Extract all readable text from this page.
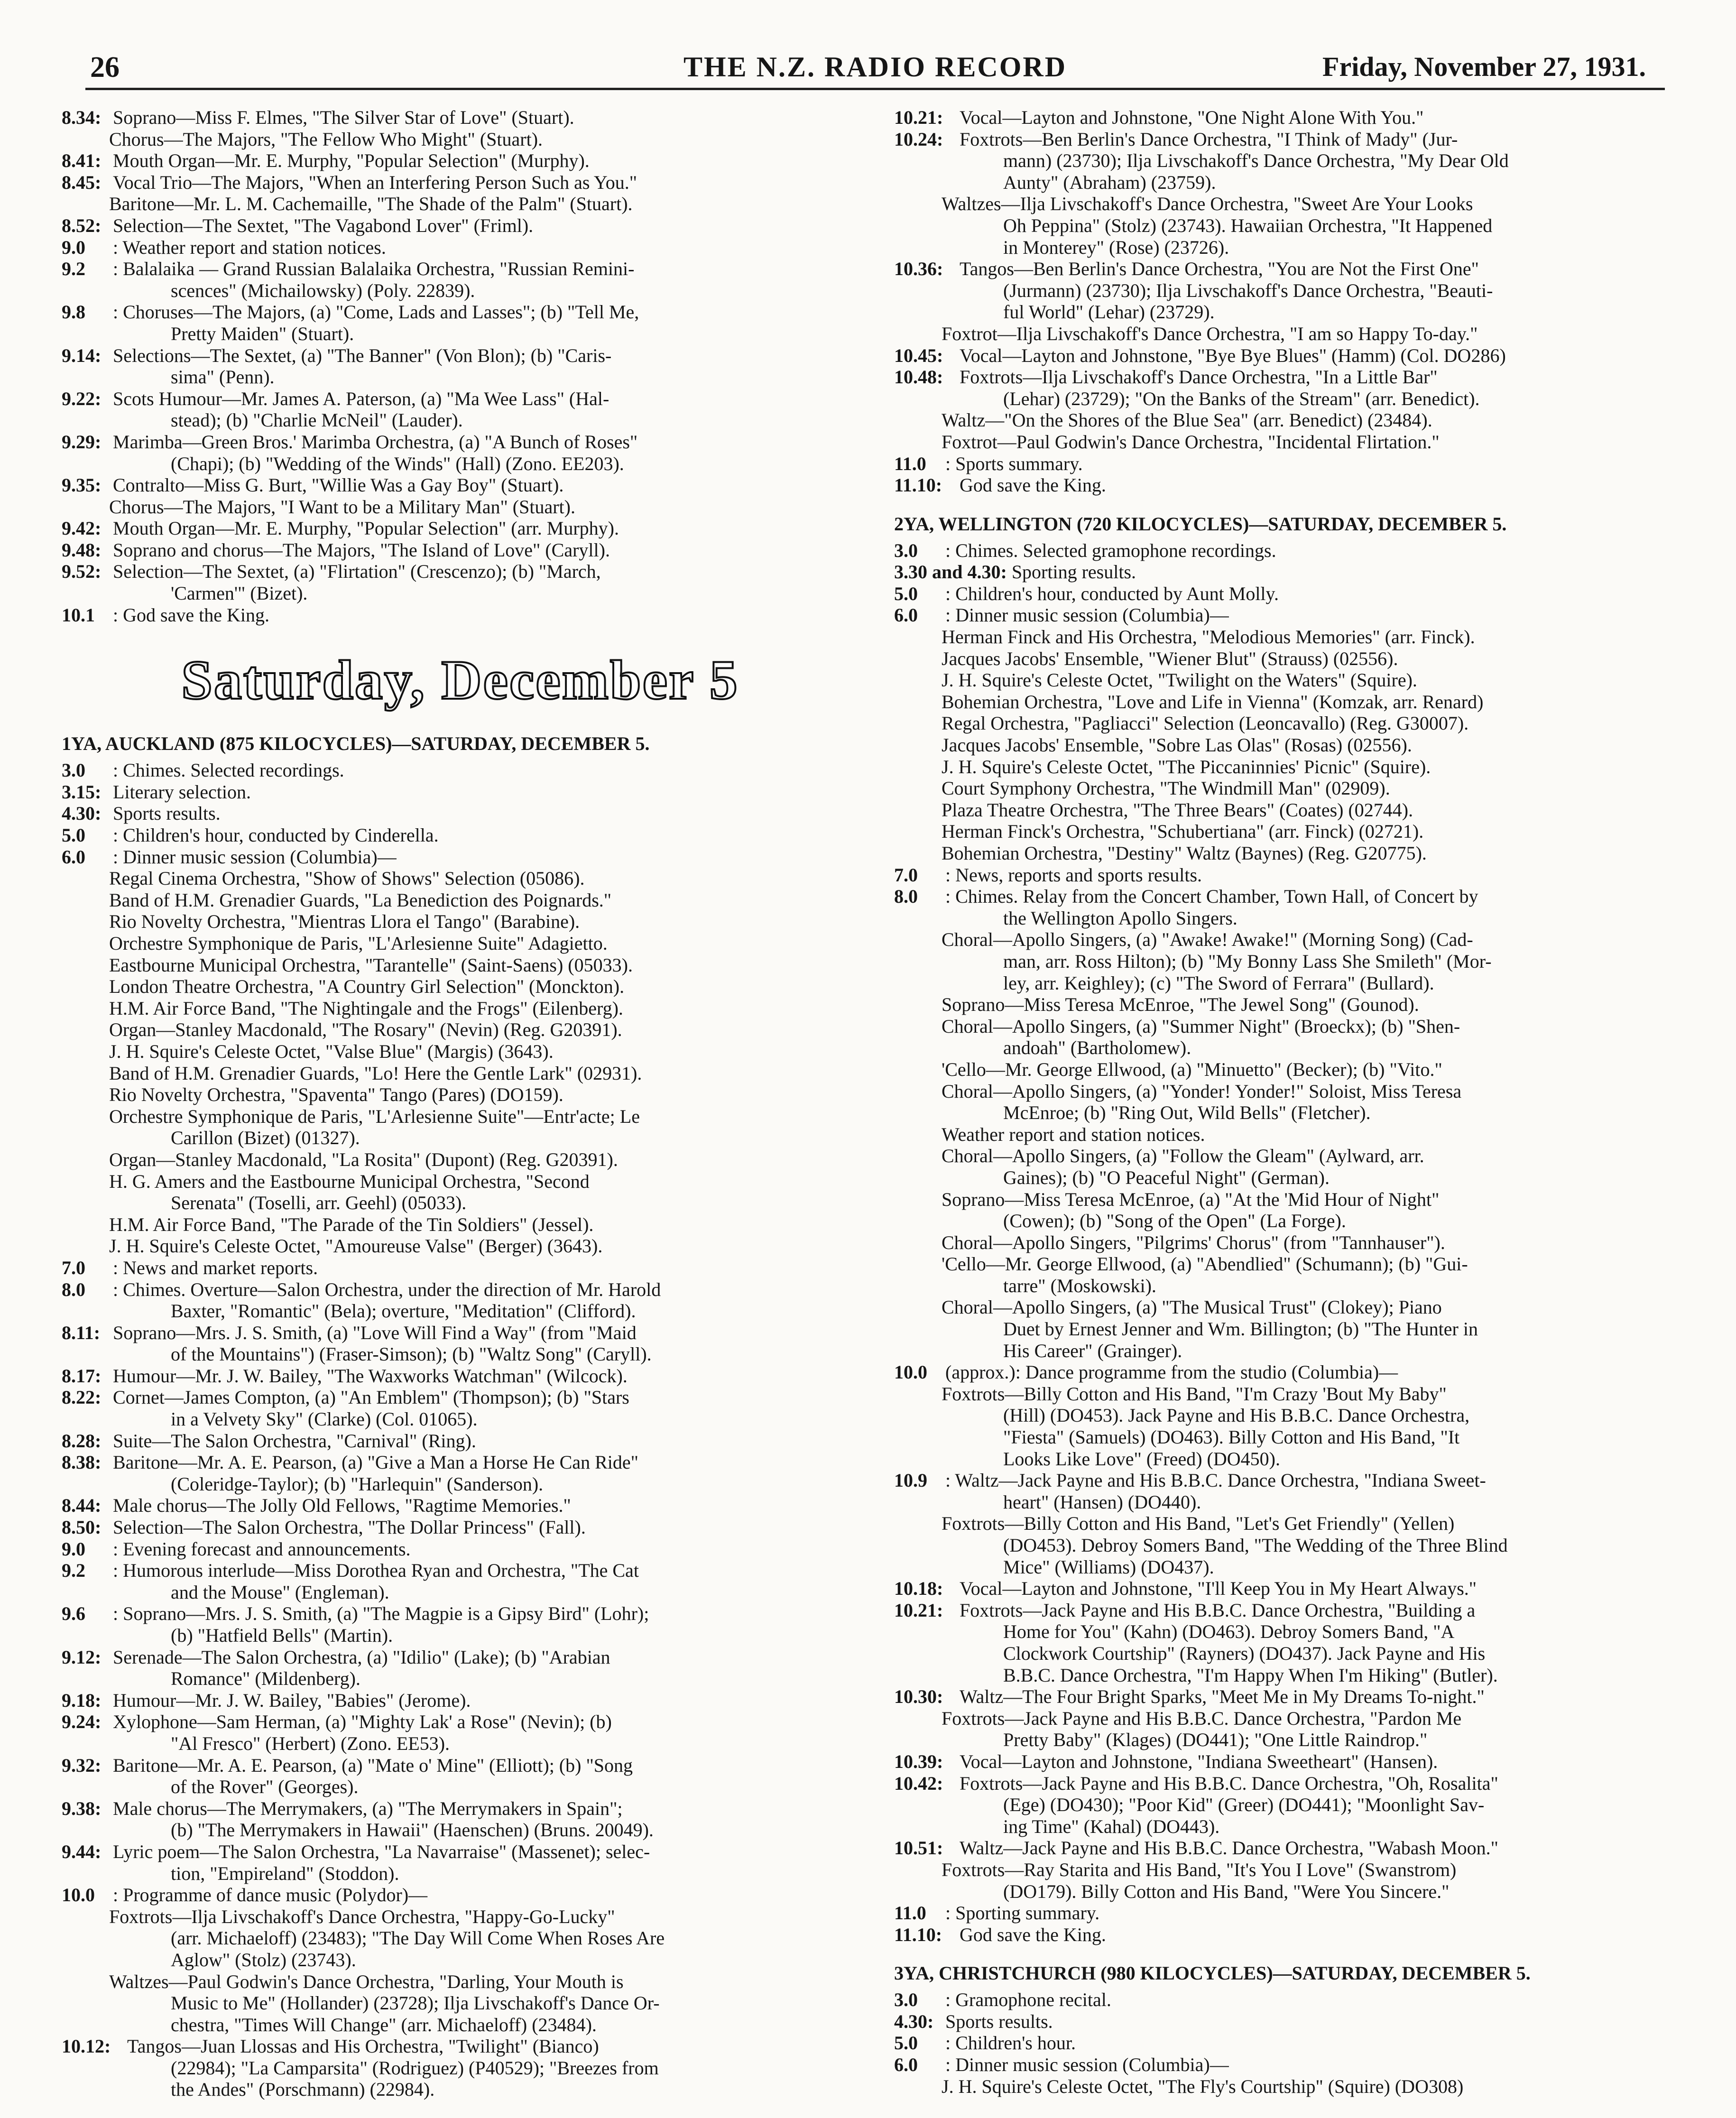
26	THE N.Z. RADIO RECORD	Friday, November 27, 1931.
8.34: Soprano—Miss F. Elmes, "The Silver Star of Love" (Stuart).
Chorus—The Majors, "The Fellow Who Might" (Stuart).
8.41: Mouth Organ—Mr. E. Murphy, "Popular Selection" (Murphy).
8.45: Vocal Trio—The Majors, "When an Interfering Person Such as You."
Baritone—Mr. L. M. Cachemaille, "The Shade of the Palm" (Stuart).
8.52: Selection—The Sextet, "The Vagabond Lover" (Friml).
9.0 : Weather report and station notices.
9.2 : Balalaika — Grand Russian Balalaika Orchestra, "Russian Remini-
scences" (Michailowsky) (Poly. 22839).
9.8 : Choruses—The Majors, (a) "Come, Lads and Lasses"; (b) "Tell Me,
Pretty Maiden" (Stuart).
9.14: Selections—The Sextet, (a) "The Banner" (Von Blon); (b) "Caris-
sima" (Penn).
9.22: Scots Humour—Mr. James A. Paterson, (a) "Ma Wee Lass" (Hal-
stead); (b) "Charlie McNeil" (Lauder).
9.29: Marimba—Green Bros.' Marimba Orchestra, (a) "A Bunch of Roses"
(Chapi); (b) "Wedding of the Winds" (Hall) (Zono. EE203).
9.35: Contralto—Miss G. Burt, "Willie Was a Gay Boy" (Stuart).
Chorus—The Majors, "I Want to be a Military Man" (Stuart).
9.42: Mouth Organ—Mr. E. Murphy, "Popular Selection" (arr. Murphy).
9.48: Soprano and chorus—The Majors, "The Island of Love" (Caryll).
9.52: Selection—The Sextet, (a) "Flirtation" (Crescenzo); (b) "March,
'Carmen'" (Bizet).
10.1 : God save the King.
Saturday, December 5
1YA, AUCKLAND (875 KILOCYCLES)—SATURDAY, DECEMBER 5.
3.0 : Chimes. Selected recordings.
3.15: Literary selection.
4.30: Sports results.
5.0 : Children's hour, conducted by Cinderella.
6.0 : Dinner music session (Columbia)—
Regal Cinema Orchestra, "Show of Shows" Selection (05086).
Band of H.M. Grenadier Guards, "La Benediction des Poignards."
Rio Novelty Orchestra, "Mientras Llora el Tango" (Barabine).
Orchestre Symphonique de Paris, "L'Arlesienne Suite" Adagietto.
Eastbourne Municipal Orchestra, "Tarantelle" (Saint-Saens) (05033).
London Theatre Orchestra, "A Country Girl Selection" (Monckton).
H.M. Air Force Band, "The Nightingale and the Frogs" (Eilenberg).
Organ—Stanley Macdonald, "The Rosary" (Nevin) (Reg. G20391).
J. H. Squire's Celeste Octet, "Valse Blue" (Margis) (3643).
Band of H.M. Grenadier Guards, "Lo! Here the Gentle Lark" (02931).
Rio Novelty Orchestra, "Spaventa" Tango (Pares) (DO159).
Orchestre Symphonique de Paris, "L'Arlesienne Suite"—Entr'acte; Le
Carillon (Bizet) (01327).
Organ—Stanley Macdonald, "La Rosita" (Dupont) (Reg. G20391).
H. G. Amers and the Eastbourne Municipal Orchestra, "Second
Serenata" (Toselli, arr. Geehl) (05033).
H.M. Air Force Band, "The Parade of the Tin Soldiers" (Jessel).
J. H. Squire's Celeste Octet, "Amoureuse Valse" (Berger) (3643).
7.0 : News and market reports.
8.0 : Chimes. Overture—Salon Orchestra, under the direction of Mr. Harold
Baxter, "Romantic" (Bela); overture, "Meditation" (Clifford).
8.11: Soprano—Mrs. J. S. Smith, (a) "Love Will Find a Way" (from "Maid
of the Mountains") (Fraser-Simson); (b) "Waltz Song" (Caryll).
8.17: Humour—Mr. J. W. Bailey, "The Waxworks Watchman" (Wilcock).
8.22: Cornet—James Compton, (a) "An Emblem" (Thompson); (b) "Stars
in a Velvety Sky" (Clarke) (Col. 01065).
8.28: Suite—The Salon Orchestra, "Carnival" (Ring).
8.38: Baritone—Mr. A. E. Pearson, (a) "Give a Man a Horse He Can Ride"
(Coleridge-Taylor); (b) "Harlequin" (Sanderson).
8.44: Male chorus—The Jolly Old Fellows, "Ragtime Memories."
8.50: Selection—The Salon Orchestra, "The Dollar Princess" (Fall).
9.0 : Evening forecast and announcements.
9.2 : Humorous interlude—Miss Dorothea Ryan and Orchestra, "The Cat
and the Mouse" (Engleman).
9.6 : Soprano—Mrs. J. S. Smith, (a) "The Magpie is a Gipsy Bird" (Lohr);
(b) "Hatfield Bells" (Martin).
9.12: Serenade—The Salon Orchestra, (a) "Idilio" (Lake); (b) "Arabian
Romance" (Mildenberg).
9.18: Humour—Mr. J. W. Bailey, "Babies" (Jerome).
9.24: Xylophone—Sam Herman, (a) "Mighty Lak' a Rose" (Nevin); (b)
"Al Fresco" (Herbert) (Zono. EE53).
9.32: Baritone—Mr. A. E. Pearson, (a) "Mate o' Mine" (Elliott); (b) "Song
of the Rover" (Georges).
9.38: Male chorus—The Merrymakers, (a) "The Merrymakers in Spain";
(b) "The Merrymakers in Hawaii" (Haenschen) (Bruns. 20049).
9.44: Lyric poem—The Salon Orchestra, "La Navarraise" (Massenet); selec-
tion, "Empireland" (Stoddon).
10.0 : Programme of dance music (Polydor)—
Foxtrots—Ilja Livschakoff's Dance Orchestra, "Happy-Go-Lucky"
(arr. Michaeloff) (23483); "The Day Will Come When Roses Are
Aglow" (Stolz) (23743).
Waltzes—Paul Godwin's Dance Orchestra, "Darling, Your Mouth is
Music to Me" (Hollander) (23728); Ilja Livschakoff's Dance Or-
chestra, "Times Will Change" (arr. Michaeloff) (23484).
10.12: Tangos—Juan Llossas and His Orchestra, "Twilight" (Bianco)
(22984); "La Camparsita" (Rodriguez) (P40529); "Breezes from
the Andes" (Porschmann) (22984).
10.21: Vocal—Layton and Johnstone, "One Night Alone With You."
10.24: Foxtrots—Ben Berlin's Dance Orchestra, "I Think of Mady" (Jur-
mann) (23730); Ilja Livschakoff's Dance Orchestra, "My Dear Old
Aunty" (Abraham) (23759).
Waltzes—Ilja Livschakoff's Dance Orchestra, "Sweet Are Your Looks
Oh Peppina" (Stolz) (23743). Hawaiian Orchestra, "It Happened
in Monterey" (Rose) (23726).
10.36: Tangos—Ben Berlin's Dance Orchestra, "You are Not the First One"
(Jurmann) (23730); Ilja Livschakoff's Dance Orchestra, "Beauti-
ful World" (Lehar) (23729).
Foxtrot—Ilja Livschakoff's Dance Orchestra, "I am so Happy To-day."
10.45: Vocal—Layton and Johnstone, "Bye Bye Blues" (Hamm) (Col. DO286)
10.48: Foxtrots—Ilja Livschakoff's Dance Orchestra, "In a Little Bar"
(Lehar) (23729); "On the Banks of the Stream" (arr. Benedict).
Waltz—"On the Shores of the Blue Sea" (arr. Benedict) (23484).
Foxtrot—Paul Godwin's Dance Orchestra, "Incidental Flirtation."
11.0 : Sports summary.
11.10: God save the King.
2YA, WELLINGTON (720 KILOCYCLES)—SATURDAY, DECEMBER 5.
3.0 : Chimes. Selected gramophone recordings.
3.30 and 4.30: Sporting results.
5.0 : Children's hour, conducted by Aunt Molly.
6.0 : Dinner music session (Columbia)—
Herman Finck and His Orchestra, "Melodious Memories" (arr. Finck).
Jacques Jacobs' Ensemble, "Wiener Blut" (Strauss) (02556).
J. H. Squire's Celeste Octet, "Twilight on the Waters" (Squire).
Bohemian Orchestra, "Love and Life in Vienna" (Komzak, arr. Renard)
Regal Orchestra, "Pagliacci" Selection (Leoncavallo) (Reg. G30007).
Jacques Jacobs' Ensemble, "Sobre Las Olas" (Rosas) (02556).
J. H. Squire's Celeste Octet, "The Piccaninnies' Picnic" (Squire).
Court Symphony Orchestra, "The Windmill Man" (02909).
Plaza Theatre Orchestra, "The Three Bears" (Coates) (02744).
Herman Finck's Orchestra, "Schubertiana" (arr. Finck) (02721).
Bohemian Orchestra, "Destiny" Waltz (Baynes) (Reg. G20775).
7.0 : News, reports and sports results.
8.0 : Chimes. Relay from the Concert Chamber, Town Hall, of Concert by
the Wellington Apollo Singers.
Choral—Apollo Singers, (a) "Awake! Awake!" (Morning Song) (Cad-
man, arr. Ross Hilton); (b) "My Bonny Lass She Smileth" (Mor-
ley, arr. Keighley); (c) "The Sword of Ferrara" (Bullard).
Soprano—Miss Teresa McEnroe, "The Jewel Song" (Gounod).
Choral—Apollo Singers, (a) "Summer Night" (Broeckx); (b) "Shen-
andoah" (Bartholomew).
'Cello—Mr. George Ellwood, (a) "Minuetto" (Becker); (b) "Vito."
Choral—Apollo Singers, (a) "Yonder! Yonder!" Soloist, Miss Teresa
McEnroe; (b) "Ring Out, Wild Bells" (Fletcher).
Weather report and station notices.
Choral—Apollo Singers, (a) "Follow the Gleam" (Aylward, arr.
Gaines); (b) "O Peaceful Night" (German).
Soprano—Miss Teresa McEnroe, (a) "At the 'Mid Hour of Night"
(Cowen); (b) "Song of the Open" (La Forge).
Choral—Apollo Singers, "Pilgrims' Chorus" (from "Tannhauser").
'Cello—Mr. George Ellwood, (a) "Abendlied" (Schumann); (b) "Gui-
tarre" (Moskowski).
Choral—Apollo Singers, (a) "The Musical Trust" (Clokey); Piano
Duet by Ernest Jenner and Wm. Billington; (b) "The Hunter in
His Career" (Grainger).
10.0 (approx.): Dance programme from the studio (Columbia)—
Foxtrots—Billy Cotton and His Band, "I'm Crazy 'Bout My Baby"
(Hill) (DO453). Jack Payne and His B.B.C. Dance Orchestra,
"Fiesta" (Samuels) (DO463). Billy Cotton and His Band, "It
Looks Like Love" (Freed) (DO450).
10.9 : Waltz—Jack Payne and His B.B.C. Dance Orchestra, "Indiana Sweet-
heart" (Hansen) (DO440).
Foxtrots—Billy Cotton and His Band, "Let's Get Friendly" (Yellen)
(DO453). Debroy Somers Band, "The Wedding of the Three Blind
Mice" (Williams) (DO437).
10.18: Vocal—Layton and Johnstone, "I'll Keep You in My Heart Always."
10.21: Foxtrots—Jack Payne and His B.B.C. Dance Orchestra, "Building a
Home for You" (Kahn) (DO463). Debroy Somers Band, "A
Clockwork Courtship" (Rayners) (DO437). Jack Payne and His
B.B.C. Dance Orchestra, "I'm Happy When I'm Hiking" (Butler).
10.30: Waltz—The Four Bright Sparks, "Meet Me in My Dreams To-night."
Foxtrots—Jack Payne and His B.B.C. Dance Orchestra, "Pardon Me
Pretty Baby" (Klages) (DO441); "One Little Raindrop."
10.39: Vocal—Layton and Johnstone, "Indiana Sweetheart" (Hansen).
10.42: Foxtrots—Jack Payne and His B.B.C. Dance Orchestra, "Oh, Rosalita"
(Ege) (DO430); "Poor Kid" (Greer) (DO441); "Moonlight Sav-
ing Time" (Kahal) (DO443).
10.51: Waltz—Jack Payne and His B.B.C. Dance Orchestra, "Wabash Moon."
Foxtrots—Ray Starita and His Band, "It's You I Love" (Swanstrom)
(DO179). Billy Cotton and His Band, "Were You Sincere."
11.0 : Sporting summary.
11.10: God save the King.
3YA, CHRISTCHURCH (980 KILOCYCLES)—SATURDAY, DECEMBER 5.
3.0 : Gramophone recital.
4.30: Sports results.
5.0 : Children's hour.
6.0 : Dinner music session (Columbia)—
J. H. Squire's Celeste Octet, "The Fly's Courtship" (Squire) (DO308)
